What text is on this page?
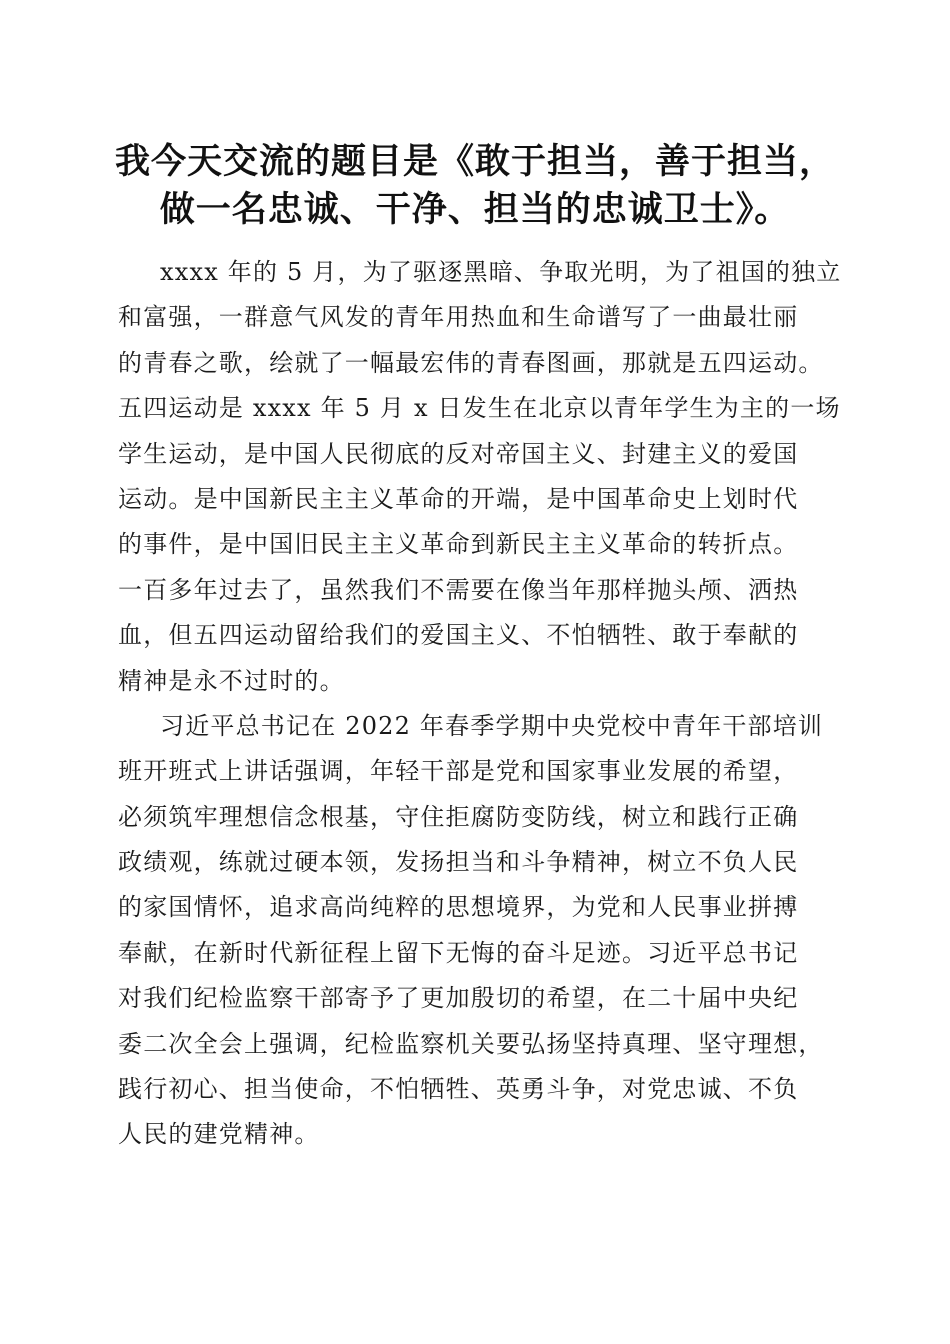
我今天交流的题目是《敢于担当，善于担当，
做一名忠诚、干净、担当的忠诚卫士》。
xxxx 年的 5 月，为了驱逐黑暗、争取光明，为了祖国的独立
和富强，一群意气风发的青年用热血和生命谱写了一曲最壮丽
的青春之歌，绘就了一幅最宏伟的青春图画，那就是五四运动。
五四运动是 xxxx 年 5 月 x 日发生在北京以青年学生为主的一场
学生运动，是中国人民彻底的反对帝国主义、封建主义的爱国
运动。是中国新民主主义革命的开端，是中国革命史上划时代
的事件，是中国旧民主主义革命到新民主主义革命的转折点。
一百多年过去了，虽然我们不需要在像当年那样抛头颅、洒热
血，但五四运动留给我们的爱国主义、不怕牺牲、敢于奉献的
精神是永不过时的。
习近平总书记在 2022 年春季学期中央党校中青年干部培训
班开班式上讲话强调，年轻干部是党和国家事业发展的希望，
必须筑牢理想信念根基，守住拒腐防变防线，树立和践行正确
政绩观，练就过硬本领，发扬担当和斗争精神，树立不负人民
的家国情怀，追求高尚纯粹的思想境界，为党和人民事业拼搏
奉献，在新时代新征程上留下无悔的奋斗足迹。习近平总书记
对我们纪检监察干部寄予了更加殷切的希望，在二十届中央纪
委二次全会上强调，纪检监察机关要弘扬坚持真理、坚守理想，
践行初心、担当使命，不怕牺牲、英勇斗争，对党忠诚、不负
人民的建党精神。
